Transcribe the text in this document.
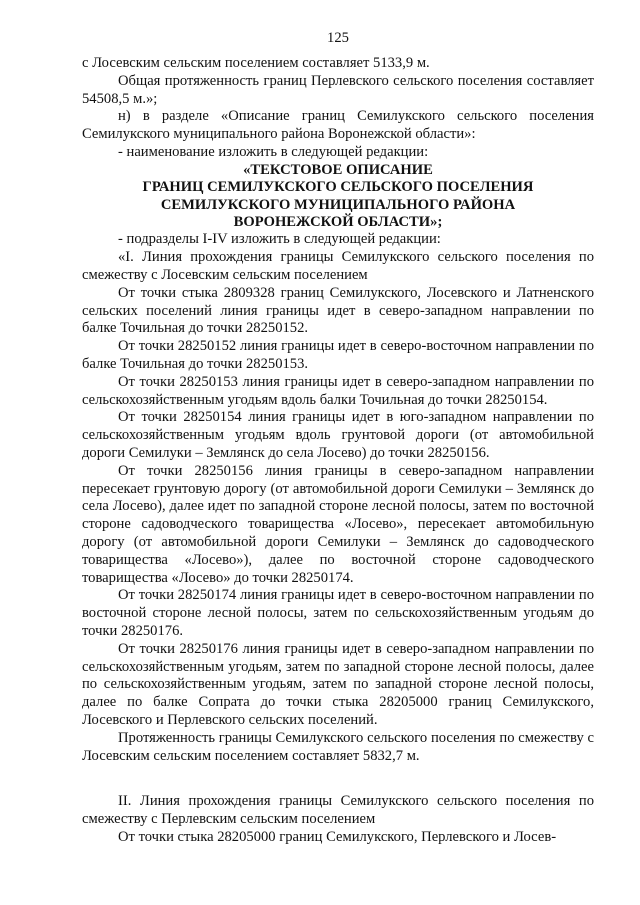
125

с Лосевским сельским поселением составляет 5133,9 м.

Общая протяженность границ Перлевского сельского поселения составляет 54508,5 м.»;

н) в разделе «Описание границ Семилукского сельского поселения Семилукского муниципального района Воронежской области»:

- наименование изложить в следующей редакции:

«ТЕКСТОВОЕ ОПИСАНИЕ

ГРАНИЦ СЕМИЛУКСКОГО СЕЛЬСКОГО ПОСЕЛЕНИЯ

СЕМИЛУКСКОГО МУНИЦИПАЛЬНОГО РАЙОНА

ВОРОНЕЖСКОЙ ОБЛАСТИ»;

- подразделы I-IV изложить в следующей редакции:

«I. Линия прохождения границы Семилукского сельского поселения по смежеству с Лосевским сельским поселением

От точки стыка 2809328 границ Семилукского, Лосевского и Латненского сельских поселений линия границы идет в северо-западном направлении по балке Точильная до точки 28250152.

От точки 28250152 линия границы идет в северо-восточном направлении по балке Точильная до точки 28250153.

От точки 28250153 линия границы идет в северо-западном направлении по сельскохозяйственным угодьям вдоль балки Точильная до точки 28250154.

От точки 28250154 линия границы идет в юго-западном направлении по сельскохозяйственным угодьям вдоль грунтовой дороги (от автомобильной дороги Семилуки – Землянск до села Лосево) до точки 28250156.

От точки 28250156 линия границы в северо-западном направлении пересекает грунтовую дорогу (от автомобильной дороги Семилуки – Землянск до села Лосево), далее идет по западной стороне лесной полосы, затем по восточной стороне садоводческого товарищества «Лосево», пересекает автомобильную дорогу (от автомобильной дороги Семилуки – Землянск до садоводческого товарищества «Лосево»), далее по восточной стороне садоводческого товарищества «Лосево» до точки 28250174.

От точки 28250174 линия границы идет в северо-восточном направлении по восточной стороне лесной полосы, затем по сельскохозяйственным угодьям до точки 28250176.

От точки 28250176 линия границы идет в северо-западном направлении по сельскохозяйственным угодьям, затем по западной стороне лесной полосы, далее по сельскохозяйственным угодьям, затем по западной стороне лесной полосы, далее по балке Сопрата до точки стыка 28205000 границ Семилукского, Лосевского и Перлевского сельских поселений.

Протяженность границы Семилукского сельского поселения по смежеству с Лосевским сельским поселением составляет 5832,7 м.

II. Линия прохождения границы Семилукского сельского поселения по смежеству с Перлевским сельским поселением

От точки стыка 28205000 границ Семилукского, Перлевского и Лосев-
